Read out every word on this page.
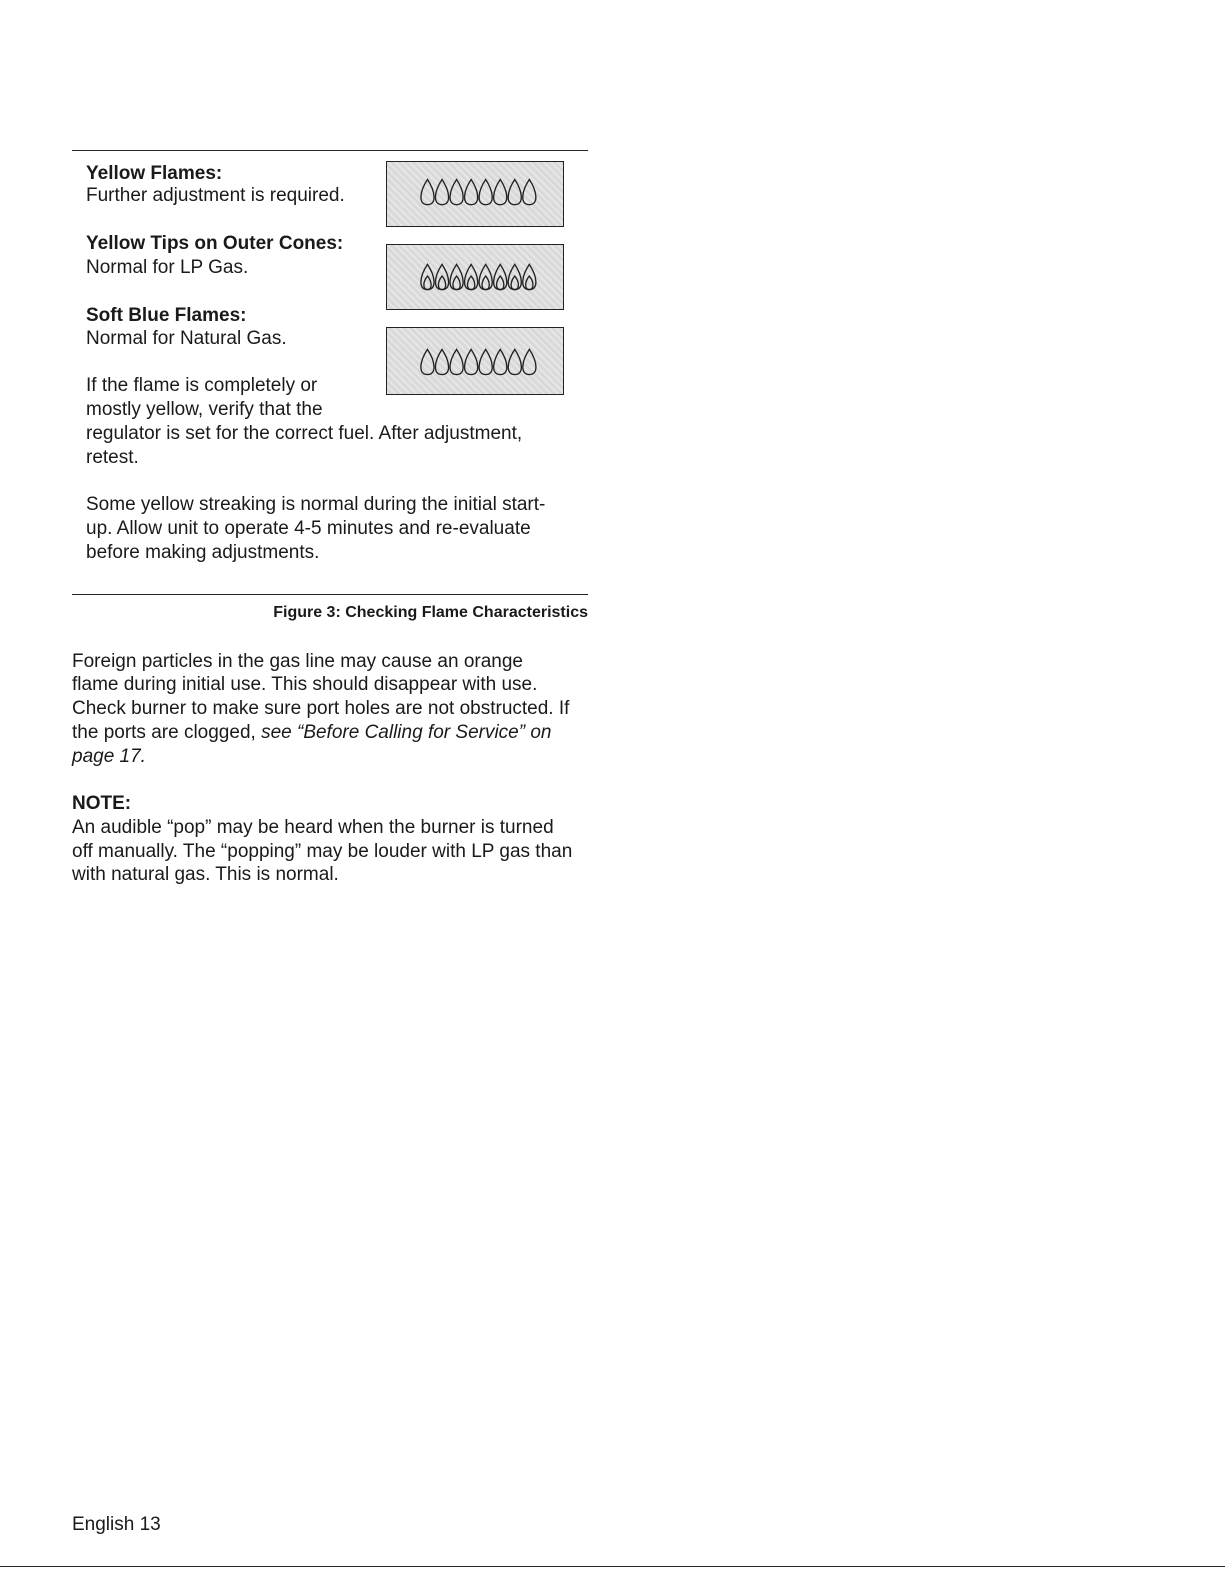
Yellow Flames:
Further adjustment is required.
Yellow Tips on Outer Cones:
Normal for LP Gas.
Soft Blue Flames:
Normal for Natural Gas.
If the flame is completely or
mostly yellow, verify that the
regulator is set for the correct fuel. After adjustment,
retest.
Some yellow streaking is normal during the initial start-
up. Allow unit to operate 4-5 minutes and re-evaluate
before making adjustments.
Figure 3: Checking Flame Characteristics
Foreign particles in the gas line may cause an orange
flame during initial use. This should disappear with use.
Check burner to make sure port holes are not obstructed. If
the ports are clogged, see “Before Calling for Service” on
page 17.
NOTE:
An audible “pop” may be heard when the burner is turned
off manually. The “popping” may be louder with LP gas than
with natural gas. This is normal.
English 13
